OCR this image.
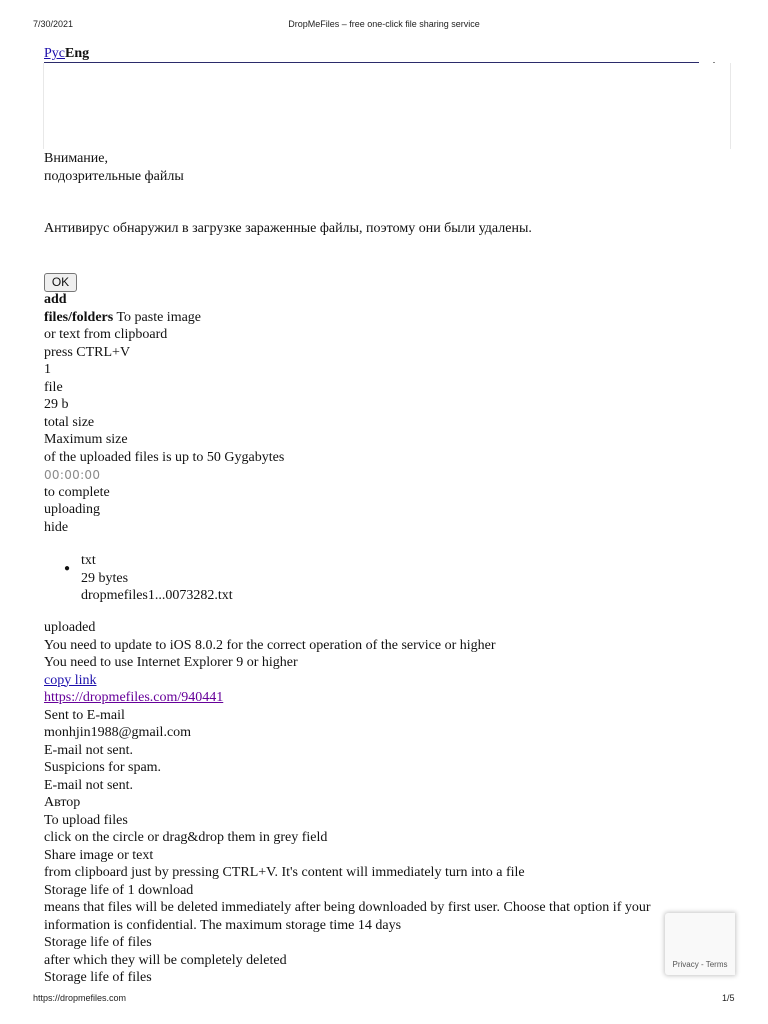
7/30/2021	DropMeFiles – free one-click file sharing service
РусEng
Внимание,
подозрительные файлы
Антивирус обнаружил в загрузке зараженные файлы, поэтому они были удалены.
OK
add
files/folders To paste image
or text from clipboard
press CTRL+V
1
file
29 b
total size
Maximum size
of the uploaded files is up to 50 Gygabytes
00:00:00
to complete
uploading
hide
●
txt
29 bytes
dropmefiles1...0073282.txt
uploaded
You need to update to iOS 8.0.2 for the correct operation of the service or higher
You need to use Internet Explorer 9 or higher
copy link
https://dropmefiles.com/940441
Sent to E-mail
monhjin1988@gmail.com
E-mail not sent.
Suspicions for spam.
E-mail not sent.
Автор
To upload files
click on the circle or drag&drop them in grey field
Share image or text
from clipboard just by pressing CTRL+V. It's content will immediately turn into a file
Storage life of 1 download
means that files will be deleted immediately after being downloaded by first user. Choose that option if your
information is confidential. The maximum storage time 14 days
Storage life of files
after which they will be completely deleted
Storage life of files
Privacy - Terms
https://dropmefiles.com	1/5
